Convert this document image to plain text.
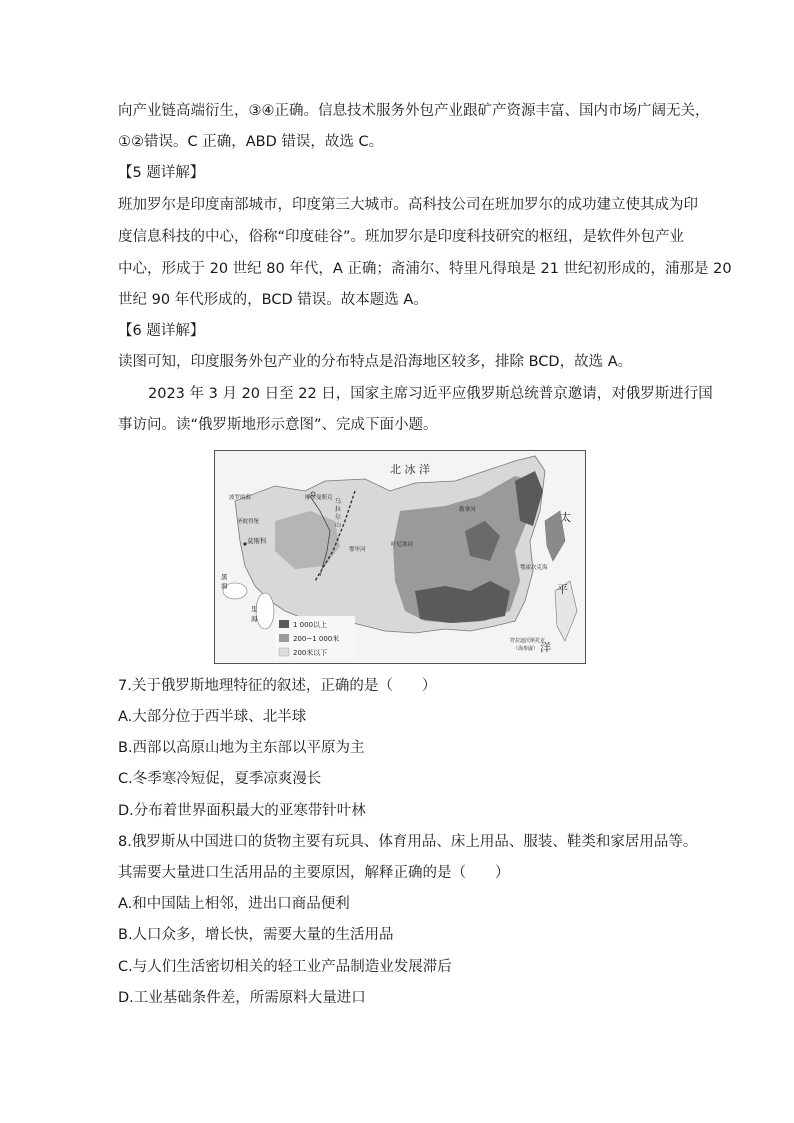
向产业链高端衍生，③④正确。信息技术服务外包产业跟矿产资源丰富、国内市场广阔无关，
①②错误。C 正确，ABD 错误，故选 C。
【5 题详解】
班加罗尔是印度南部城市，印度第三大城市。高科技公司在班加罗尔的成功建立使其成为印
度信息科技的中心，俗称“印度硅谷”。班加罗尔是印度科技研究的枢纽，是软件外包产业
中心，形成于 20 世纪 80 年代，A 正确；斋浦尔、特里凡得琅是 21 世纪初形成的，浦那是 20
世纪 90 年代形成的，BCD 错误。故本题选 A。
【6 题详解】
读图可知，印度服务外包产业的分布特点是沿海地区较多，排除 BCD，故选 A。
2023 年 3 月 20 日至 22 日，国家主席习近平应俄罗斯总统普京邀请，对俄罗斯进行国
事访问。读“俄罗斯地形示意图”、完成下面小题。
北 冰 洋
太
平
洋
摩尔曼斯克
波罗的海
圣彼得堡
莫斯科
黑
海
里
海
乌
拉
尔
山
鄂毕河
叶尼塞河
勒拿河
鄂霍次克海
符拉迪沃斯托克
（海参崴）
1 000以上
200~1 000米
200米以下
7.关于俄罗斯地理特征的叙述，正确的是（　　）
A.大部分位于西半球、北半球
B.西部以高原山地为主东部以平原为主
C.冬季寒冷短促，夏季凉爽漫长
D.分布着世界面积最大的亚寒带针叶林
8.俄罗斯从中国进口的货物主要有玩具、体育用品、床上用品、服装、鞋类和家居用品等。
其需要大量进口生活用品的主要原因，解释正确的是（　　）
A.和中国陆上相邻，进出口商品便利
B.人口众多，增长快，需要大量的生活用品
C.与人们生活密切相关的轻工业产品制造业发展滞后
D.工业基础条件差，所需原料大量进口
